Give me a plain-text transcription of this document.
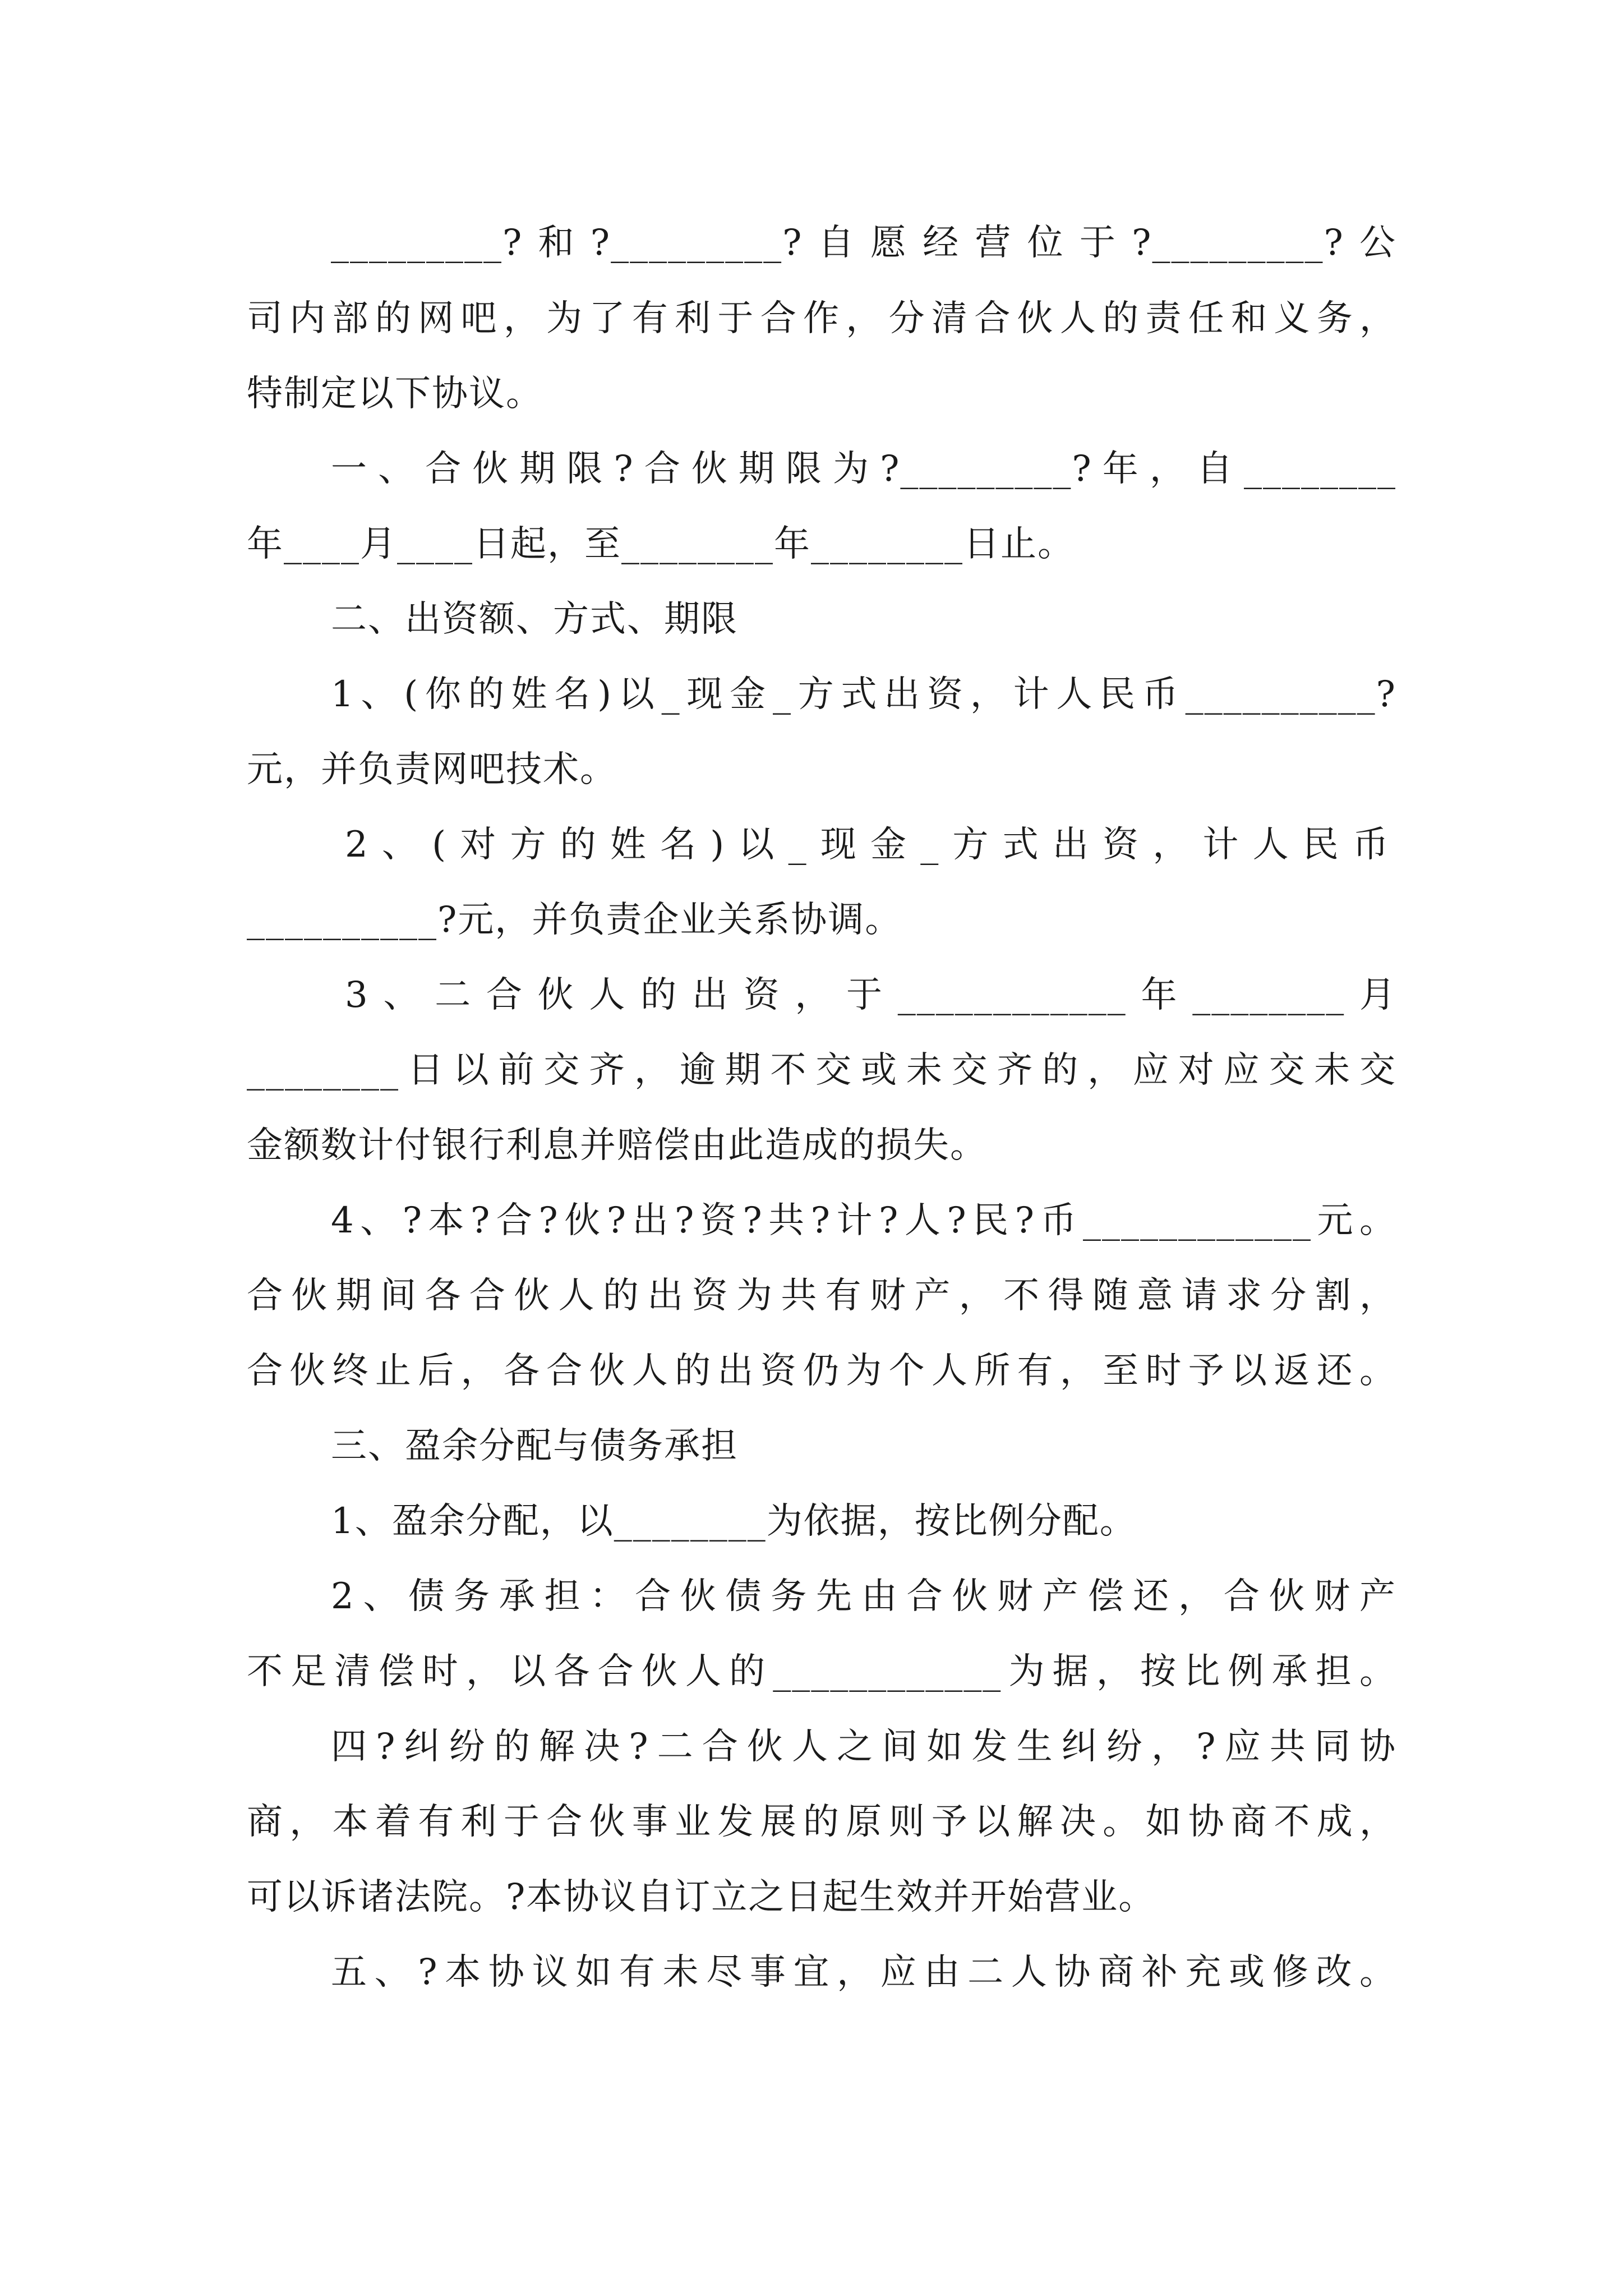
_________?和?_________?自愿经营位于?_________?公
司内部的网吧，为了有利于合作，分清合伙人的责任和义务，
特制定以下协议。
一、合伙期限?合伙期限为?_________?年，自________
年____月____日起，至________年________日止。
二、出资额、方式、期限
1、(你的姓名)以_现金_方式出资，计人民币__________?
元，并负责网吧技术。
2、(对方的姓名)以_现金_方式出资，计人民币
__________?元，并负责企业关系协调。
3、二合伙人的出资，于____________年________月
________日以前交齐，逾期不交或未交齐的，应对应交未交
金额数计付银行利息并赔偿由此造成的损失。
4、?本?合?伙?出?资?共?计?人?民?币____________元。
合伙期间各合伙人的出资为共有财产，不得随意请求分割，
合伙终止后，各合伙人的出资仍为个人所有，至时予以返还。
三、盈余分配与债务承担
1、盈余分配，以________为依据，按比例分配。
2、债务承担：合伙债务先由合伙财产偿还，合伙财产
不足清偿时，以各合伙人的____________为据，按比例承担。
四?纠纷的解决?二合伙人之间如发生纠纷，?应共同协
商，本着有利于合伙事业发展的原则予以解决。如协商不成，
可以诉诸法院。?本协议自订立之日起生效并开始营业。
五、?本协议如有未尽事宜，应由二人协商补充或修改。
